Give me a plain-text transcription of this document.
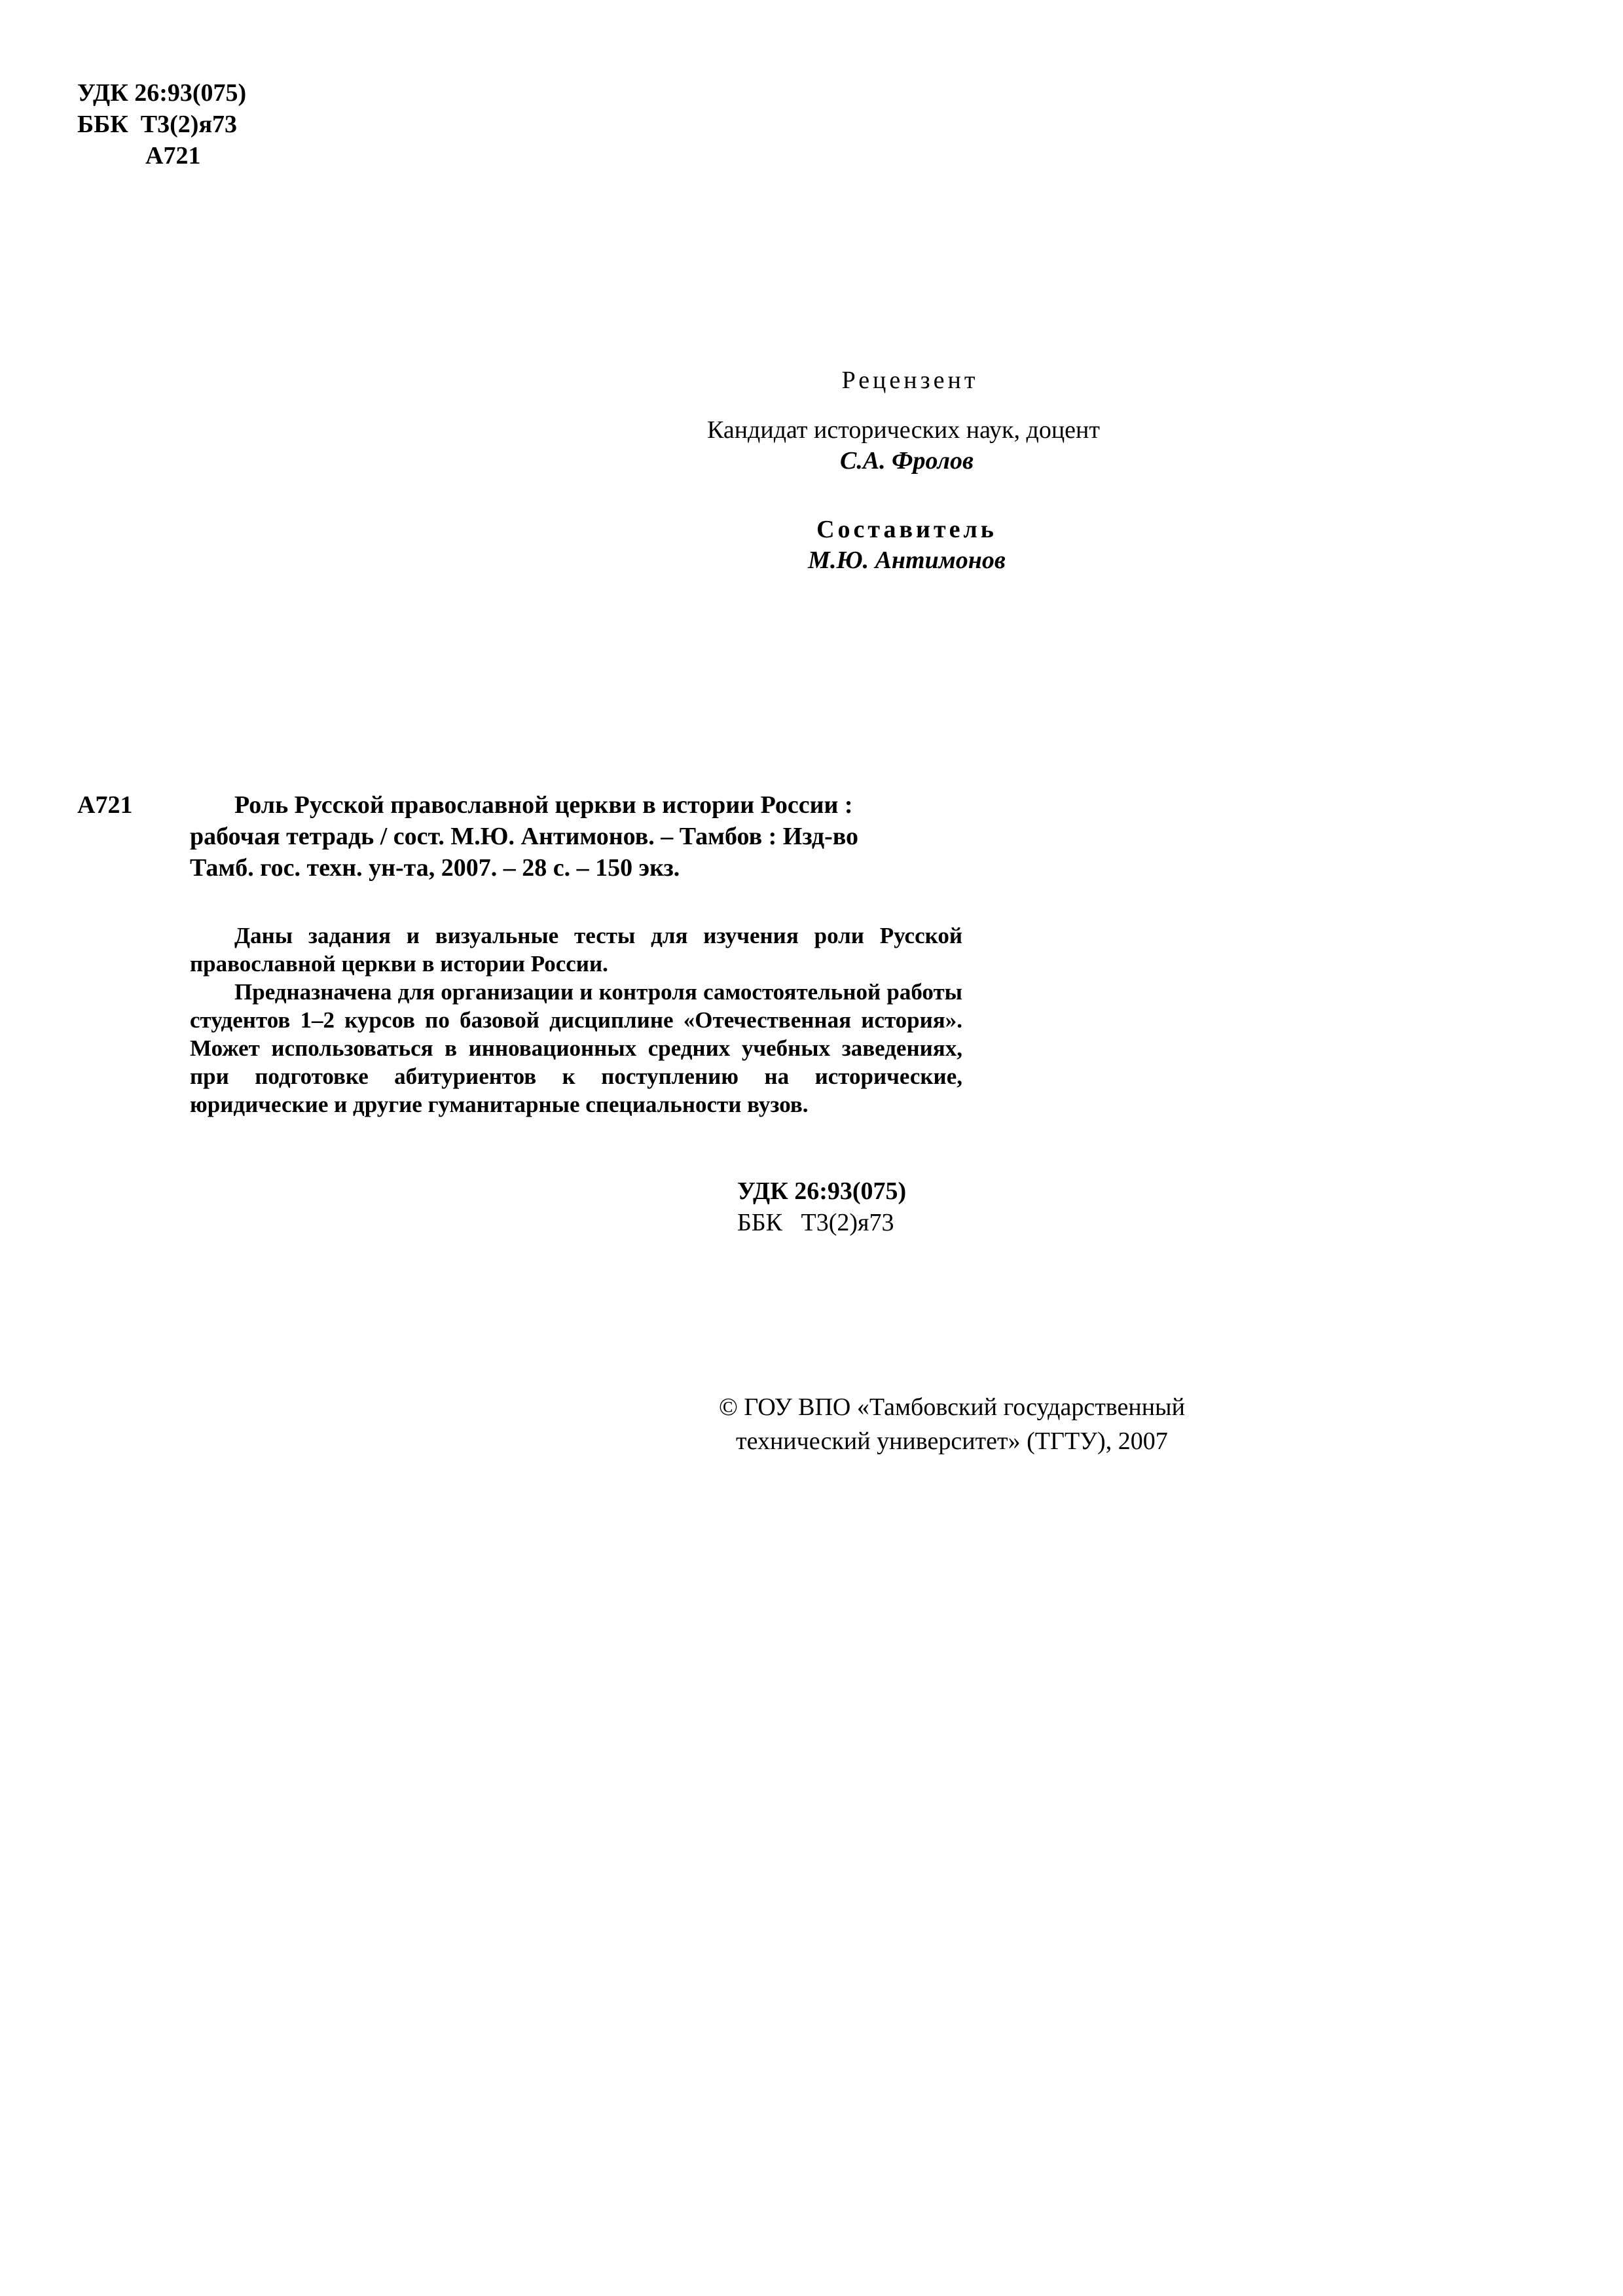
УДК 26:93(075)
ББК  Т3(2)я73
А721
Рецензент
Кандидат исторических наук, доцент
С.А. Фролов
Составитель
М.Ю. Антимонов
А721	Роль Русской православной церкви в истории России :

рабочая тетрадь / сост. М.Ю. Антимонов. – Тамбов : Изд-во

Тамб. гос. техн. ун-та, 2007. – 28 с. – 150 экз.

Даны задания и визуальные тесты для изучения роли Русской православной церкви в истории России.

Предназначена для организации и контроля самостоятельной работы студентов 1–2 курсов по базовой дисциплине «Отечественная история». Может использоваться в инновационных средних учебных заведениях, при подготовке абитуриентов к поступлению на исторические, юридические и другие гуманитарные специальности вузов.

УДК 26:93(075)
ББК   Т3(2)я73
© ГОУ ВПО «Тамбовский государственный
технический университет» (ТГТУ), 2007
